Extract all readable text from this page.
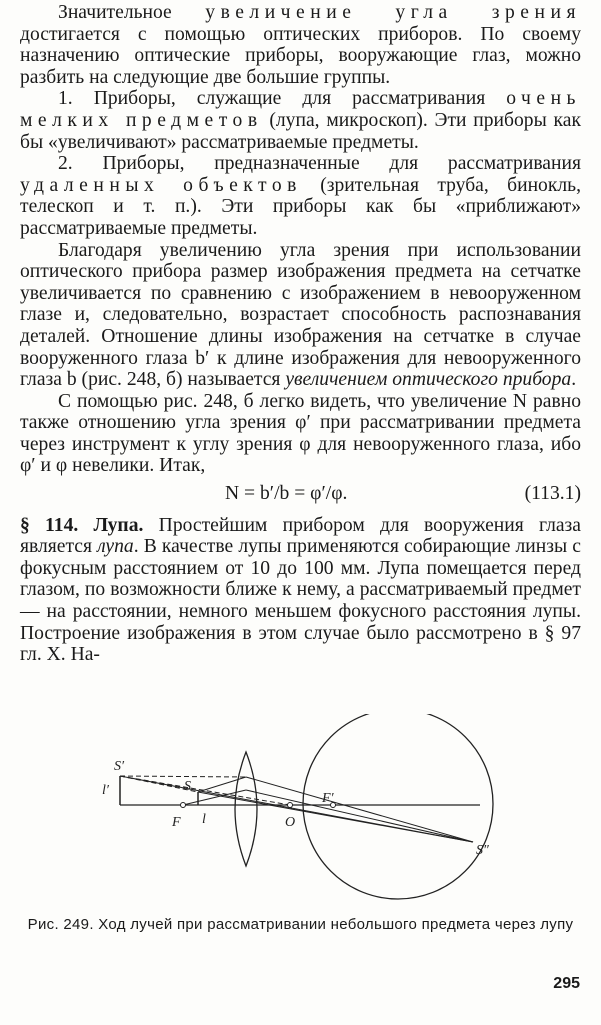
Значительное увеличение угла зрения достигается с помощью оптических приборов. По своему назначению оптические приборы, вооружающие глаз, можно разбить на следующие две большие группы.

1. Приборы, служащие для рассматривания очень мелких предметов (лупа, микроскоп). Эти приборы как бы «увеличивают» рассматриваемые предметы.

2. Приборы, предназначенные для рассматривания удаленных объектов (зрительная труба, бинокль, телескоп и т. п.). Эти приборы как бы «приближают» рассматриваемые предметы.

Благодаря увеличению угла зрения при использовании оптического прибора размер изображения предмета на сетчатке увеличивается по сравнению с изображением в невооруженном глазе и, следовательно, возрастает способность распознавания деталей. Отношение длины изображения на сетчатке в случае вооруженного глаза b′ к длине изображения для невооруженного глаза b (рис. 248, б) называется увеличением оптического прибора.

С помощью рис. 248, б легко видеть, что увеличение N равно также отношению угла зрения φ′ при рассматривании предмета через инструмент к углу зрения φ для невооруженного глаза, ибо φ′ и φ невелики. Итак,

N = b′/b = φ′/φ.	(113.1)

§ 114. Лупа. Простейшим прибором для вооружения глаза является лупа. В качестве лупы применяются собирающие линзы с фокусным расстоянием от 10 до 100 мм. Лупа помещается перед глазом, по возможности ближе к нему, а рассматриваемый предмет — на расстоянии, немного меньшем фокусного расстояния лупы. Построение изображения в этом случае было рассмотрено в § 97 гл. X. На-

S′
l′	S
F l	O
F′
S″
Рис. 249. Ход лучей при рассматривании небольшого предмета через лупу
295
